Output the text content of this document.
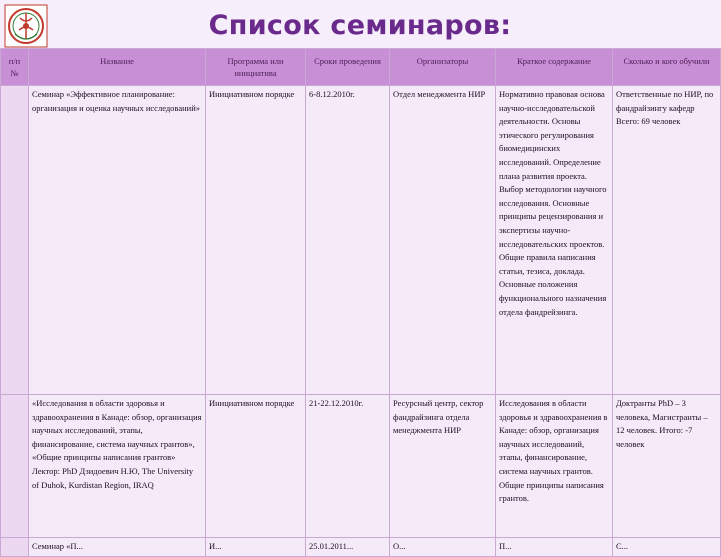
Список семинаров:
п/п №	Название	Программа или инициатива	Сроки проведения	Организаторы	Краткое содержание	Сколько и кого обучили
	Семинар «Эффективное планирование: организация и оценка научных исследований»	Инициативном порядке	6-8.12.2010г.	Отдел менеджмента НИР	Нормативно правовая основа научно-исследовательской деятельности. Основы этического регулирования биомедицинских исследований. Определение плана развития проекта. Выбор методологии научного исследования. Основные принципы рецензирования и экспертизы научно-исследовательских проектов. Общие правила написания статьи, тезиса, доклада. Основные положения функционального назначения отдела фандрейзинга.	Ответственные по НИР, по фандрайзингу кафедр Всего: 69 человек
	«Исследования в области здоровья и здравоохранения в Канаде: обзор, организация научных исследований, этапы, финансирование, система научных грантов», «Общие принципы написания грантов» Лектор: PhD Дзидоевич Н.Ю, The University of Duhok, Kurdistan Region, IRAQ	Инициативном порядке	21-22.12.2010г.	Ресурсный центр, сектор фандрайзинга отдела менеджмента НИР	Исследования в области здоровья и здравоохранения в Канаде: обзор, организация научных исследований, этапы, финансирование, система научных грантов. Общие принципы написания грантов.	Доктранты PhD – 3 человека, Магистранты – 12 человек. Итого: -7 человек
	Семинар «П...	И...	25.01.2011...	О...	П...	С...
